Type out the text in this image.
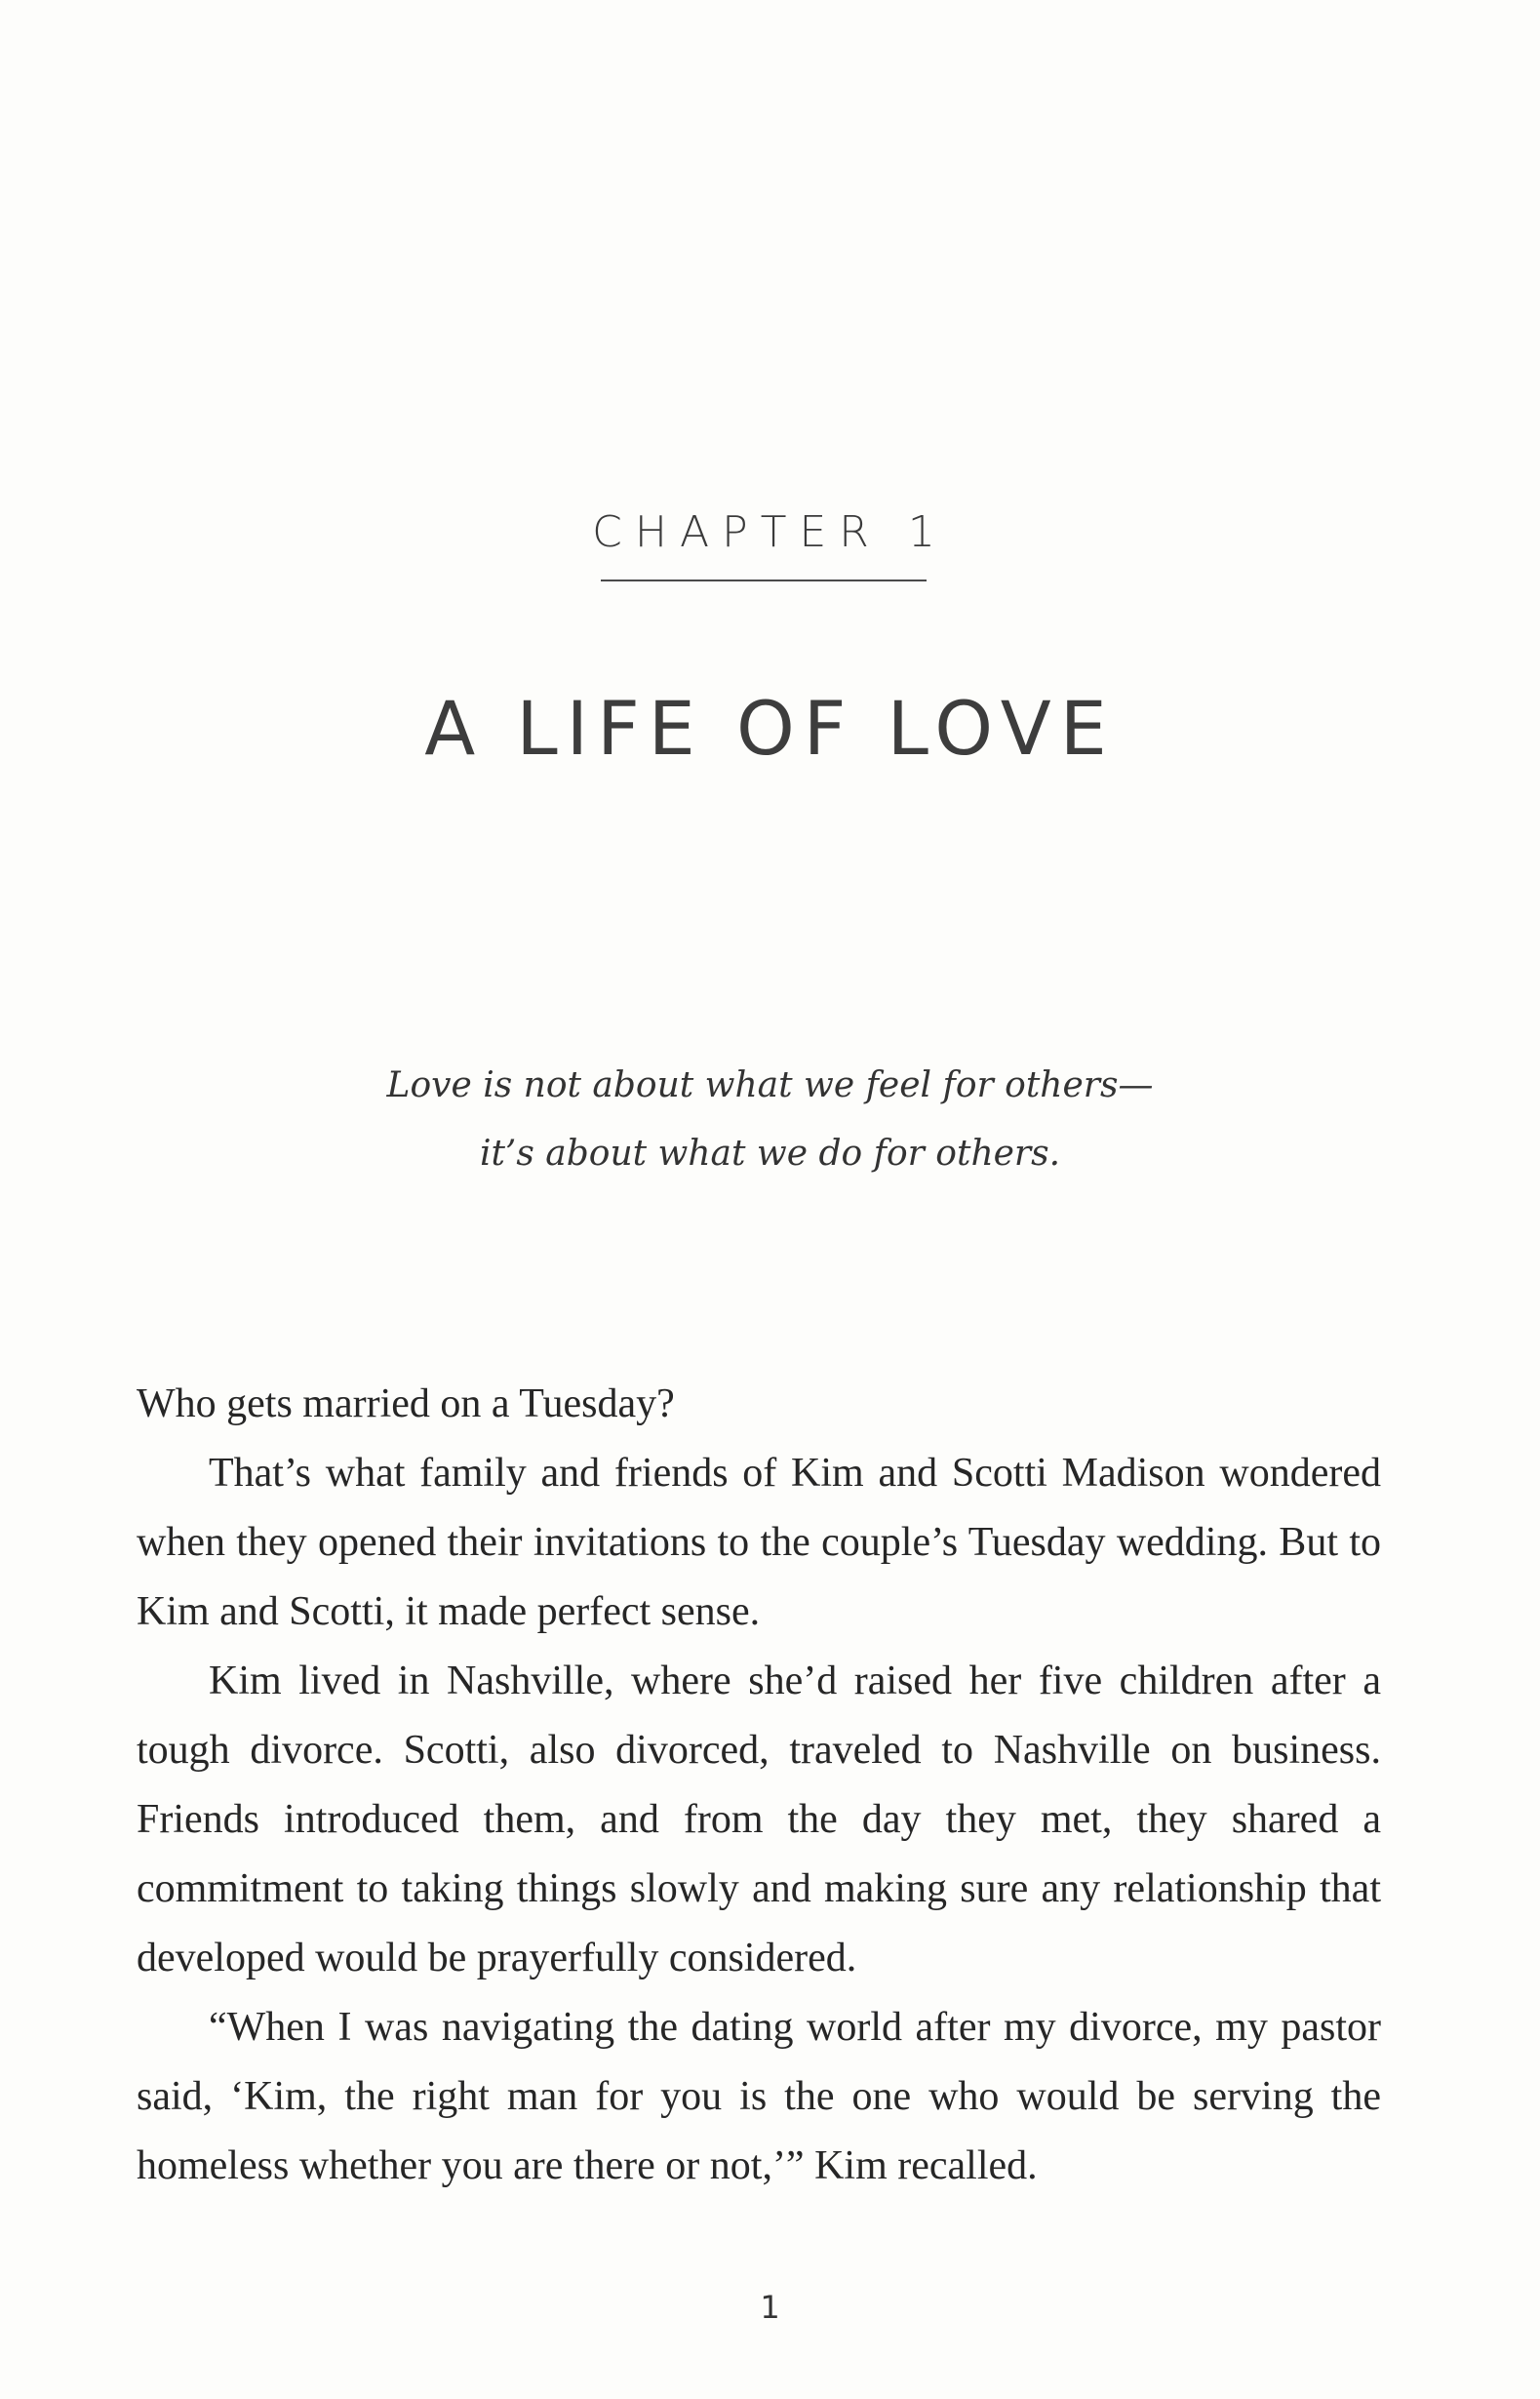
CHAPTER 1
A LIFE OF LOVE
Love is not about what we feel for others—
it’s about what we do for others.

Who gets married on a Tuesday?

That’s what family and friends of Kim and Scotti Madison wondered when they opened their invitations to the couple’s Tuesday wedding. But to Kim and Scotti, it made perfect sense.

Kim lived in Nashville, where she’d raised her five children after a tough divorce. Scotti, also divorced, traveled to Nashville on business. Friends introduced them, and from the day they met, they shared a commitment to taking things slowly and making sure any relationship that developed would be prayerfully considered.

“When I was navigating the dating world after my divorce, my pastor said, ‘Kim, the right man for you is the one who would be serving the homeless whether you are there or not,’” Kim recalled.

1
